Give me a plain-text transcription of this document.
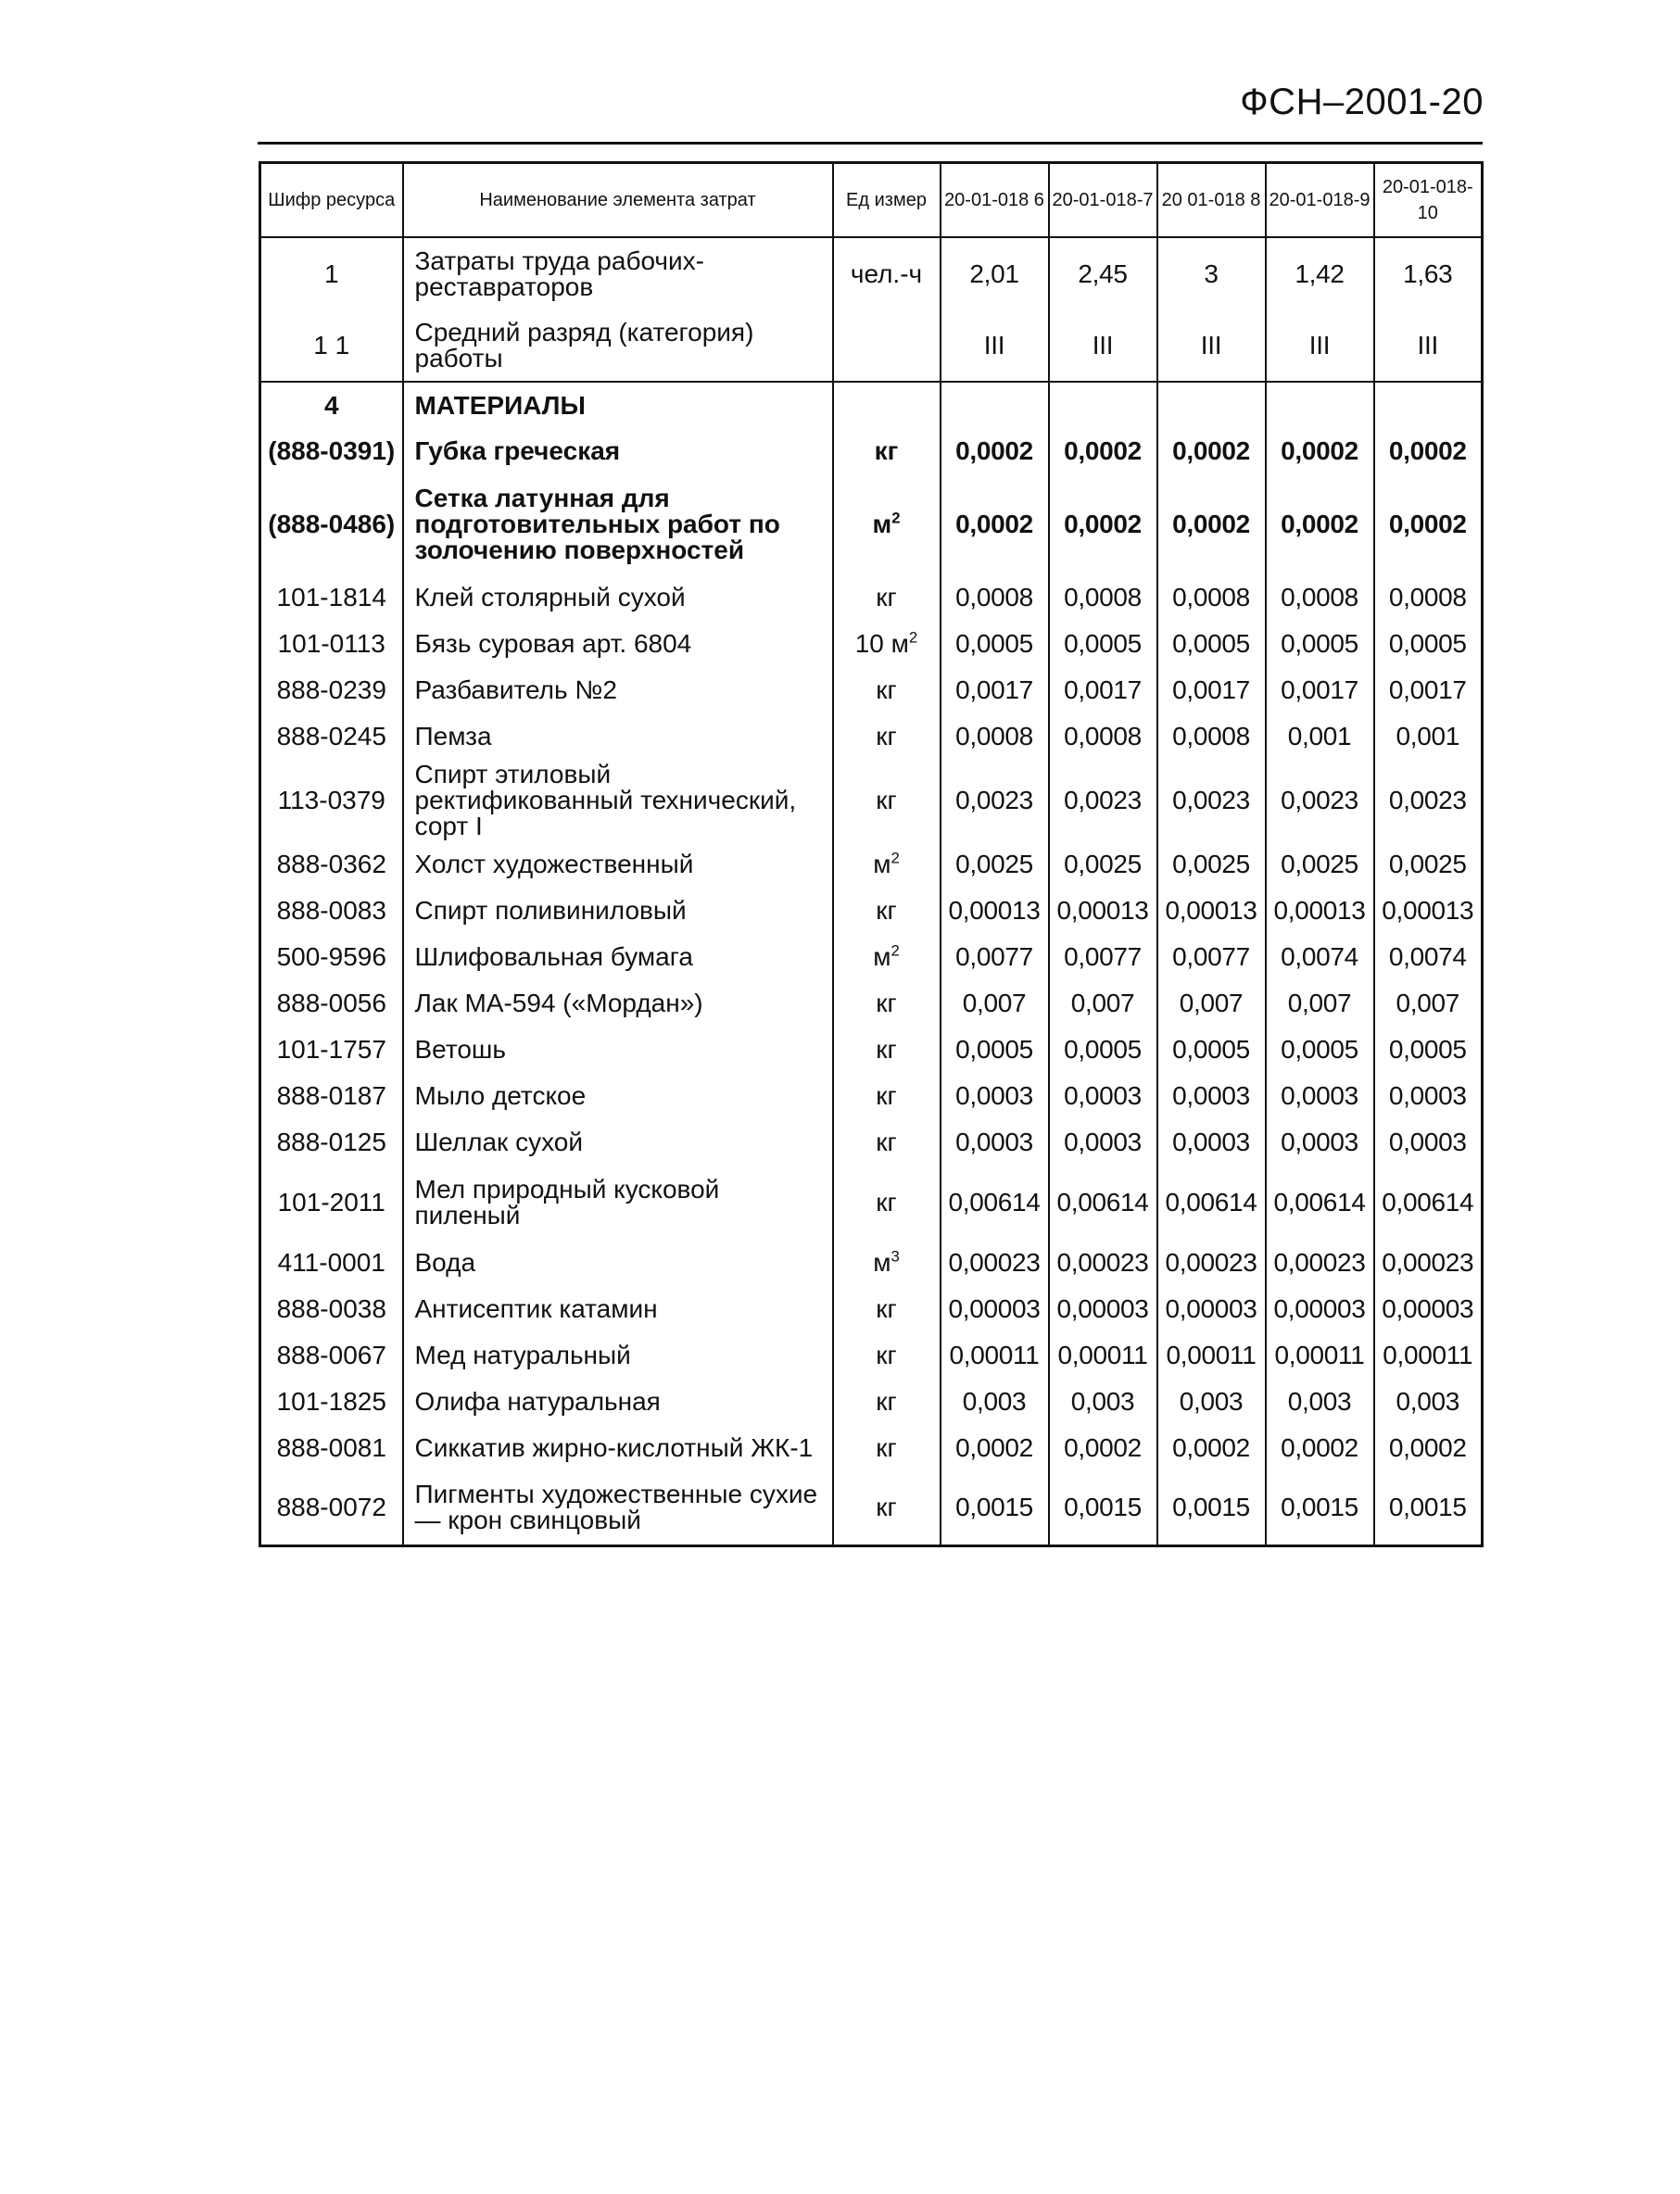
ФСН–2001-20
Шифр ресурса	Наименование элемента затрат	Ед измер	20-01-018 6	20-01-018-7	20 01-018 8	20-01-018-9	20-01-018-10
1	Затраты труда рабочих-реставраторов	чел.-ч	2,01	2,45	3	1,42	1,63
1 1	Средний разряд (категория) работы		III	III	III	III	III
4	МАТЕРИАЛЫ						
(888-0391)	Губка греческая	кг	0,0002	0,0002	0,0002	0,0002	0,0002
(888-0486)	Сетка латунная для подготовительных работ по золочению поверхностей	$м^2$	0,0002	0,0002	0,0002	0,0002	0,0002
101-1814	Клей столярный сухой	кг	0,0008	0,0008	0,0008	0,0008	0,0008
101-0113	Бязь суровая арт. 6804	10 $м^2$	0,0005	0,0005	0,0005	0,0005	0,0005
888-0239	Разбавитель №2	кг	0,0017	0,0017	0,0017	0,0017	0,0017
888-0245	Пемза	кг	0,0008	0,0008	0,0008	0,001	0,001
113-0379	Спирт этиловый ректификованный технический, сорт I	кг	0,0023	0,0023	0,0023	0,0023	0,0023
888-0362	Холст художественный	$м^2$	0,0025	0,0025	0,0025	0,0025	0,0025
888-0083	Спирт поливиниловый	кг	0,00013	0,00013	0,00013	0,00013	0,00013
500-9596	Шлифовальная бумага	$м^2$	0,0077	0,0077	0,0077	0,0074	0,0074
888-0056	Лак МА-594 («Мордан»)	кг	0,007	0,007	0,007	0,007	0,007
101-1757	Ветошь	кг	0,0005	0,0005	0,0005	0,0005	0,0005
888-0187	Мыло детское	кг	0,0003	0,0003	0,0003	0,0003	0,0003
888-0125	Шеллак сухой	кг	0,0003	0,0003	0,0003	0,0003	0,0003
101-2011	Мел природный кусковой пиленый	кг	0,00614	0,00614	0,00614	0,00614	0,00614
411-0001	Вода	$м^3$	0,00023	0,00023	0,00023	0,00023	0,00023
888-0038	Антисептик катамин	кг	0,00003	0,00003	0,00003	0,00003	0,00003
888-0067	Мед натуральный	кг	0,00011	0,00011	0,00011	0,00011	0,00011
101-1825	Олифа натуральная	кг	0,003	0,003	0,003	0,003	0,003
888-0081	Сиккатив жирно-кислотный ЖК-1	кг	0,0002	0,0002	0,0002	0,0002	0,0002
888-0072	Пигменты художественные сухие — крон свинцовый	кг	0,0015	0,0015	0,0015	0,0015	0,0015
